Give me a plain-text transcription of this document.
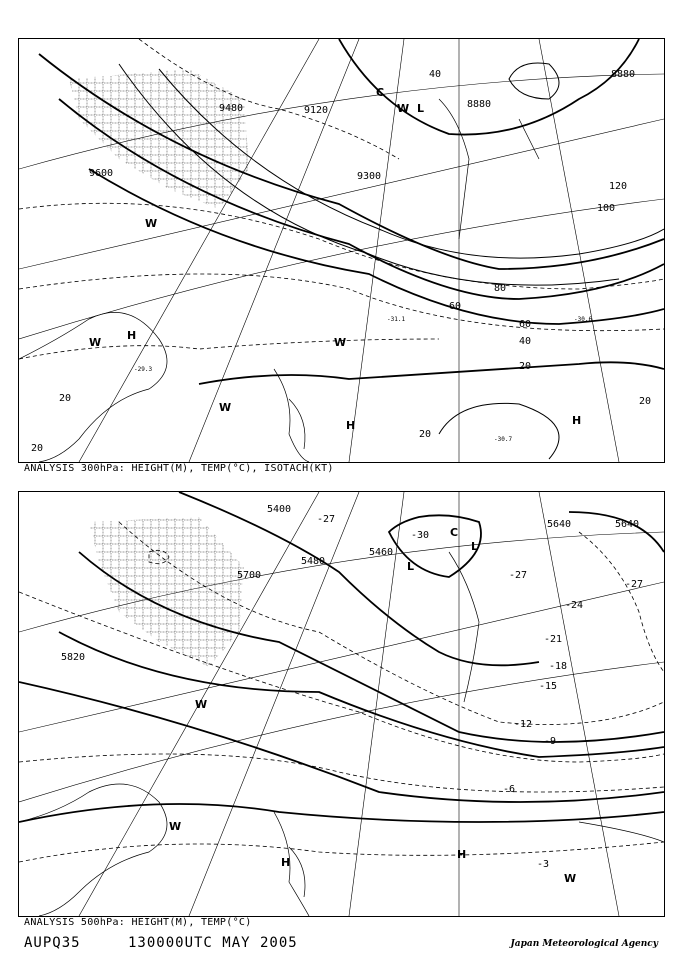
9600
9480	9120
8880
8880
9300
20
40
60
80
100
120
20
20
20
20
40
60
-30.7
-29.3
-31.1	-30.6
W
L
C
W
H
H
W	W
W
H
ANALYSIS 300hPa: HEIGHT(M), TEMP(°C), ISOTACH(KT)
5700
5820
5460
5400
5480
5640	5640
-27
-24
-21
-18
-15
-12
-9
-6
-3
-30
-27
-27
L
L
C
W
H
H
W
W
ANALYSIS 500hPa: HEIGHT(M), TEMP(°C)
AUPQ35	130000UTC MAY 2005	Japan Meteorological Agency
